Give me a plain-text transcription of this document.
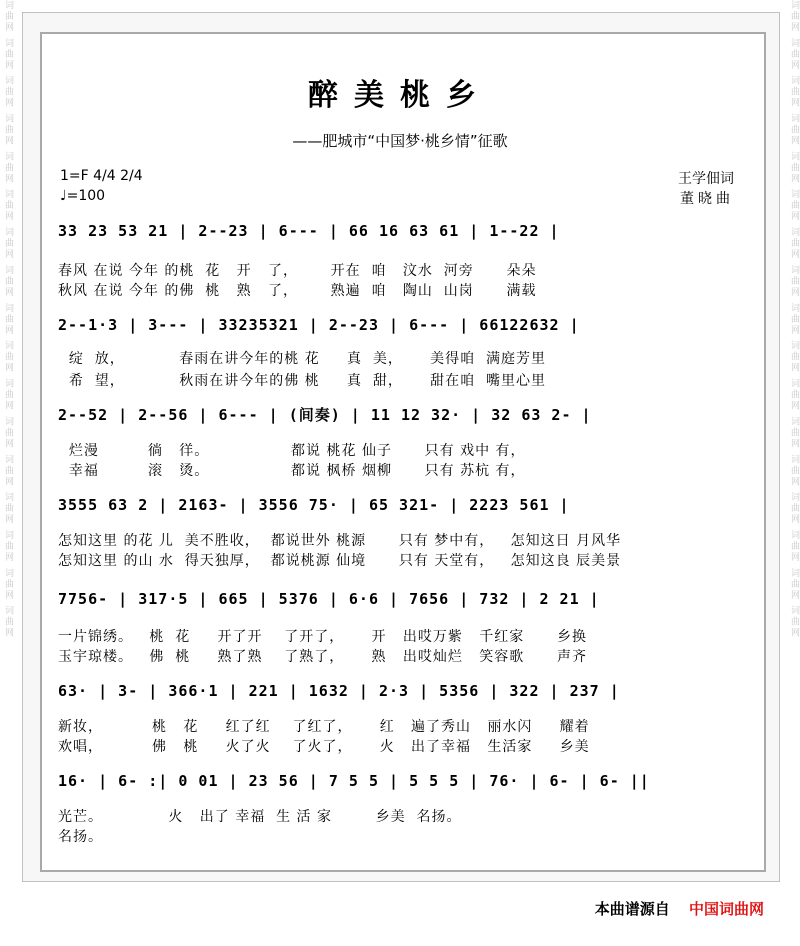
词曲网 词曲网 词曲网 词曲网 词曲网 词曲网 词曲网 词曲网 词曲网 词曲网 词曲网 词曲网 词曲网 词曲网 词曲网 词曲网 词曲网	词曲网 词曲网 词曲网 词曲网 词曲网 词曲网 词曲网 词曲网 词曲网 词曲网 词曲网 词曲网 词曲网 词曲网 词曲网 词曲网 词曲网
醉美桃乡
——肥城市“中国梦·桃乡情”征歌
1=F 4/4 2/4
♩=100
王学佃词
董晓曲
33 23 53 21 | 2--23 | 6--- | 66 16 63 61 | 1--22 |
春风 在说 今年 的桃  花   开   了，      开在  咱   汶水  河旁      朵朵
秋风 在说 今年 的佛  桃   熟   了，      熟遍  咱   陶山  山岗      满载
2--1·3 | 3--- | 33235321 | 2--23 | 6--- | 66122632 |
绽  放，          春雨在讲今年的桃 花     真  美，     美得咱  满庭芳里
希  望，          秋雨在讲今年的佛 桃     真  甜，     甜在咱  嘴里心里
2--52 | 2--56 | 6--- | (间奏) | 11 12 32· | 32 63 2- |
烂漫         徜   徉。               都说 桃花 仙子      只有 戏中 有，
幸福         滚   烫。               都说 枫桥 烟柳      只有 苏杭 有，
3555 63 2 | 2163- | 3556 75· | 65 321- | 2223 561 |
怎知这里 的花 儿  美不胜收，  都说世外 桃源      只有 梦中有，   怎知这日 月风华
怎知这里 的山 水  得天独厚，  都说桃源 仙境      只有 天堂有，   怎知这良 辰美景
7756- | 317·5 | 665 | 5376 | 6·6 | 7656 | 732 | 2 21 |
一片锦绣。   桃  花     开了开    了开了，     开   出哎万紫   千红家      乡换
玉宇琼楼。   佛  桃     熟了熟    了熟了，     熟   出哎灿烂   笑容歌      声齐
63· | 3- | 366·1 | 221 | 1632 | 2·3 | 5356 | 322 | 237 |
新妆，         桃   花     红了红    了红了，     红   遍了秀山   丽水闪     耀着
欢唱，         佛   桃     火了火    了火了，     火   出了幸福   生活家     乡美
16· | 6- :| 0 01 | 23 56 | 7 5 5 | 5 5 5 | 76· | 6- | 6- ||
光芒。            火   出了 幸福  生 活 家        乡美  名扬。
名扬。
本曲谱源自 中国词曲网
